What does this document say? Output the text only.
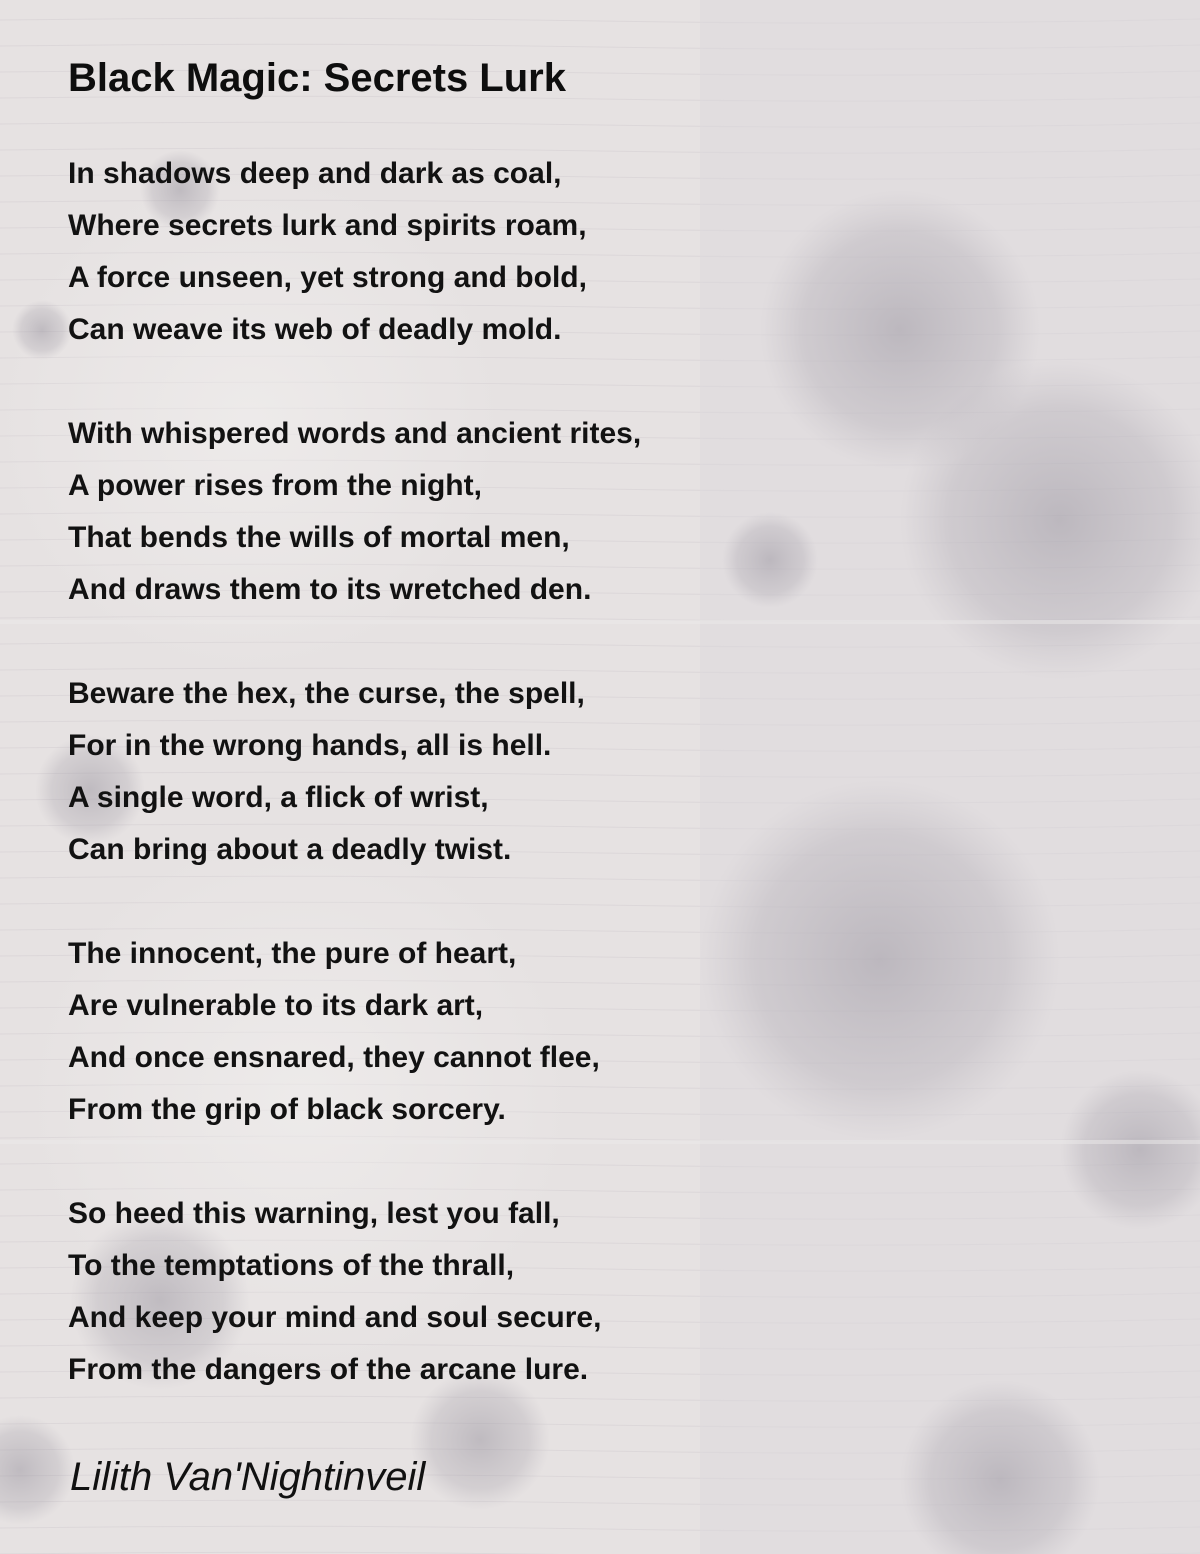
Black Magic: Secrets Lurk
In shadows deep and dark as coal,
Where secrets lurk and spirits roam,
A force unseen, yet strong and bold,
Can weave its web of deadly mold.
With whispered words and ancient rites,
A power rises from the night,
That bends the wills of mortal men,
And draws them to its wretched den.
Beware the hex, the curse, the spell,
For in the wrong hands, all is hell.
A single word, a flick of wrist,
Can bring about a deadly twist.
The innocent, the pure of heart,
Are vulnerable to its dark art,
And once ensnared, they cannot flee,
From the grip of black sorcery.
So heed this warning, lest you fall,
To the temptations of the thrall,
And keep your mind and soul secure,
From the dangers of the arcane lure.

Lilith Van'Nightinveil
